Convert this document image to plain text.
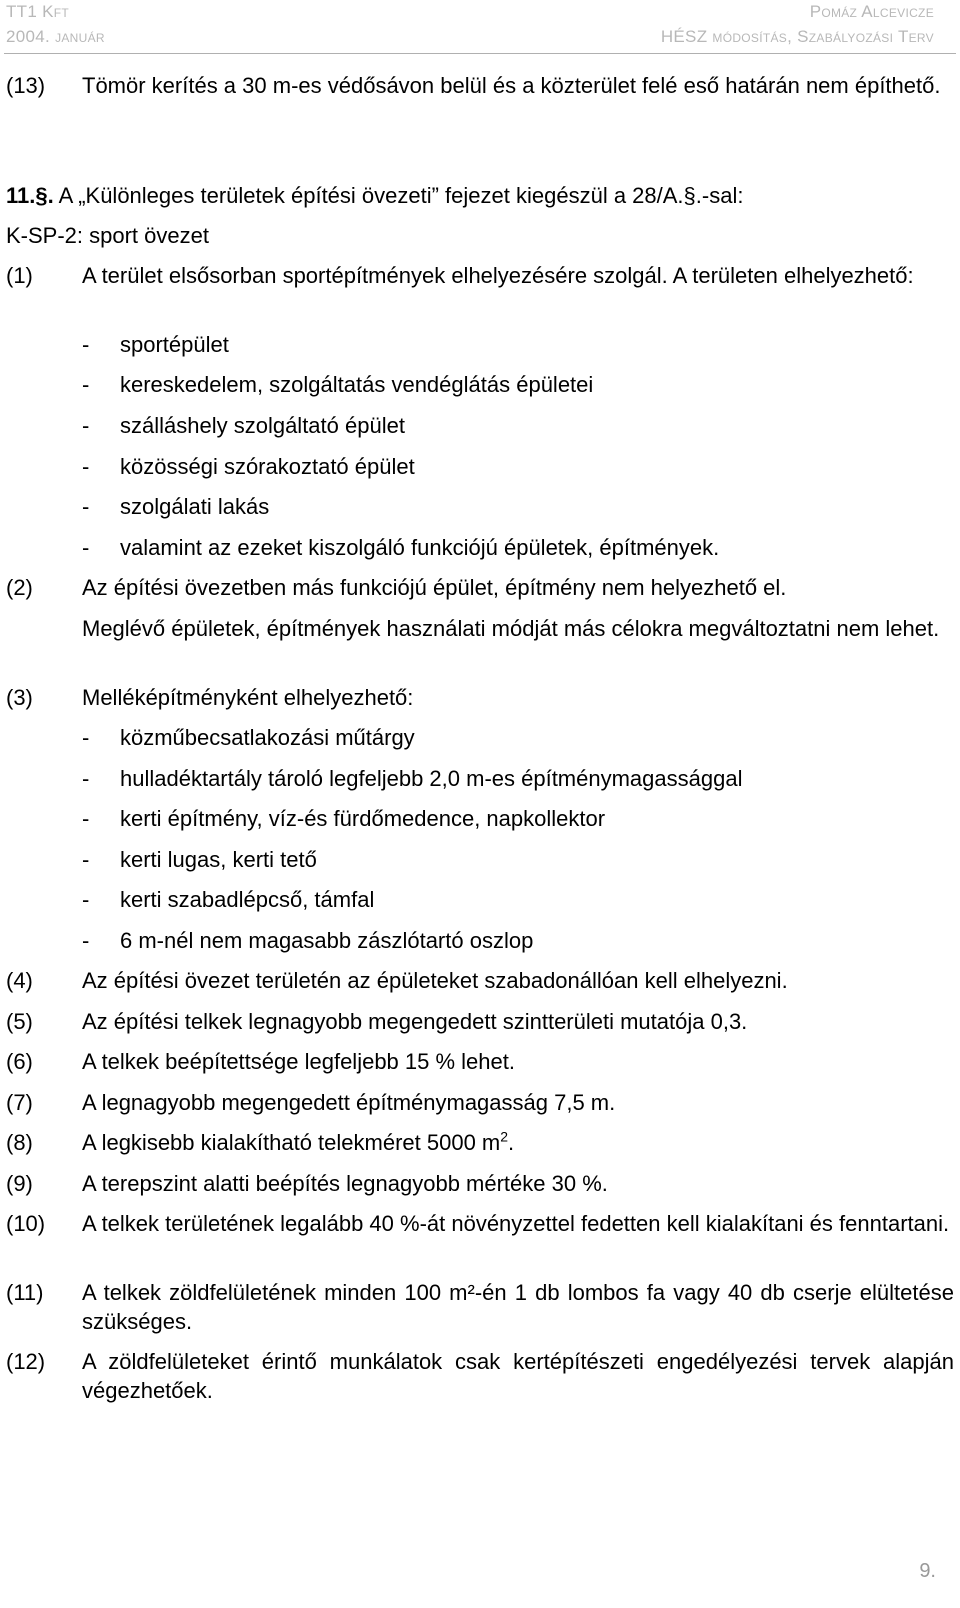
TT1 Kft
2004. január
Pomáz Alcevicze
HÉSZ módosítás, Szabályozási Terv
(13) Tömör kerítés a 30 m-es védősávon belül és a közterület felé eső határán nem építhető.
11.§. A „Különleges területek építési övezeti” fejezet kiegészül a 28/A.§.-sal:
K-SP-2: sport övezet
(1) A terület elsősorban sportépítmények elhelyezésére szolgál. A területen elhelyezhető:
- sportépület
- kereskedelem, szolgáltatás vendéglátás épületei
- szálláshely szolgáltató épület
- közösségi szórakoztató épület
- szolgálati lakás
- valamint az ezeket kiszolgáló funkciójú épületek, építmények.
(2) Az építési övezetben más funkciójú épület, építmény nem helyezhető el.
Meglévő épületek, építmények használati módját más célokra megváltoztatni nem lehet.
(3) Melléképítményként elhelyezhető:
- közműbecsatlakozási műtárgy
- hulladéktartály tároló legfeljebb 2,0 m-es építménymagassággal
- kerti építmény, víz-és fürdőmedence, napkollektor
- kerti lugas, kerti tető
- kerti szabadlépcső, támfal
- 6 m-nél nem magasabb zászlótartó oszlop
(4) Az építési övezet területén az épületeket szabadonállóan kell elhelyezni.
(5) Az építési telkek legnagyobb megengedett szintterületi mutatója 0,3.
(6) A telkek beépítettsége legfeljebb 15 % lehet.
(7) A legnagyobb megengedett építménymagasság 7,5 m.
(8) A legkisebb kialakítható telekméret 5000 $m^2$.
(9) A terepszint alatti beépítés legnagyobb mértéke 30 %.
(10) A telkek területének legalább 40 %-át növényzettel fedetten kell kialakítani és fenntartani.
(11) A telkek zöldfelületének minden 100 m²-én 1 db lombos fa vagy 40 db cserje elültetése szükséges.
(12) A zöldfelületeket érintő munkálatok csak kertépítészeti engedélyezési tervek alapján végezhetőek.
9.
